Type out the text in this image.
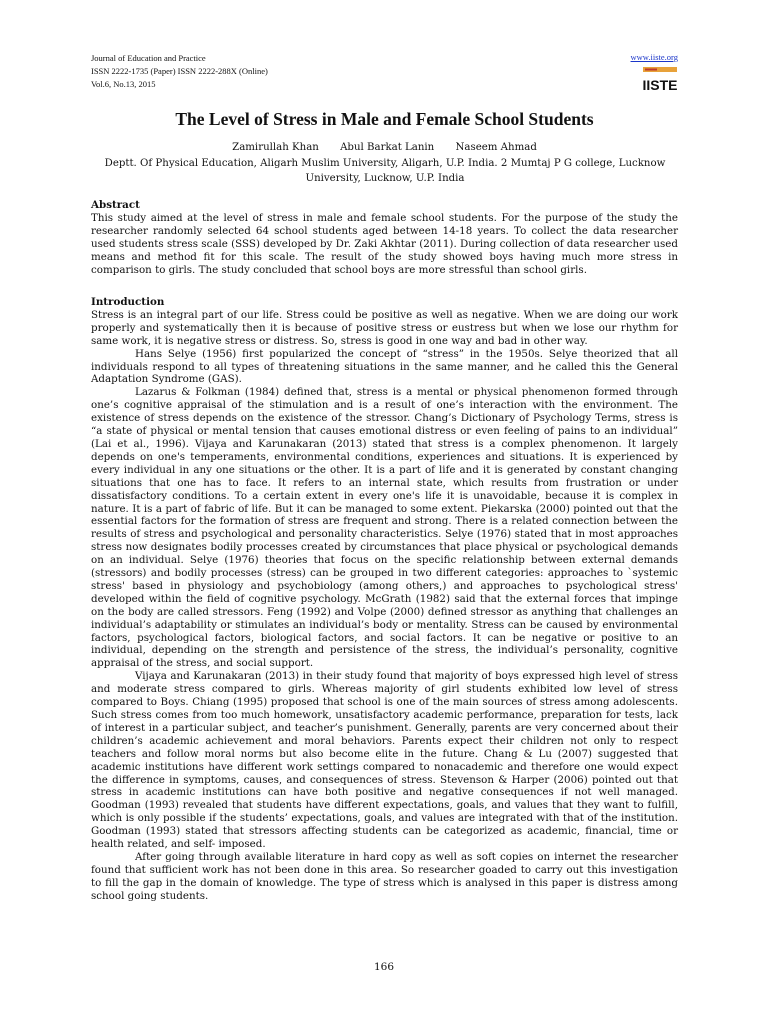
Journal of Education and Practice
ISSN 2222-1735 (Paper) ISSN 2222-288X (Online)
Vol.6, No.13, 2015
www.iiste.org
IISTE
The Level of Stress in Male and Female School Students
Zamirullah Khan Abul Barkat Lanin Naseem Ahmad
Deptt. Of Physical Education, Aligarh Muslim University, Aligarh, U.P. India. 2 Mumtaj P G college, Lucknow University, Lucknow, U.P. India

Abstract

This study aimed at the level of stress in male and female school students. For the purpose of the study the researcher randomly selected 64 school students aged between 14-18 years. To collect the data researcher used students stress scale (SSS) developed by Dr. Zaki Akhtar (2011). During collection of data researcher used means and method fit for this scale. The result of the study showed boys having much more stress in comparison to girls. The study concluded that school boys are more stressful than school girls.

Introduction

Stress is an integral part of our life. Stress could be positive as well as negative. When we are doing our work properly and systematically then it is because of positive stress or eustress but when we lose our rhythm for same work, it is negative stress or distress. So, stress is good in one way and bad in other way.

Hans Selye (1956) first popularized the concept of “stress” in the 1950s. Selye theorized that all individuals respond to all types of threatening situations in the same manner, and he called this the General Adaptation Syndrome (GAS).

Lazarus & Folkman (1984) defined that, stress is a mental or physical phenomenon formed through one’s cognitive appraisal of the stimulation and is a result of one’s interaction with the environment. The existence of stress depends on the existence of the stressor. Chang’s Dictionary of Psychology Terms, stress is “a state of physical or mental tension that causes emotional distress or even feeling of pains to an individual” (Lai et al., 1996). Vijaya and Karunakaran (2013) stated that stress is a complex phenomenon. It largely depends on one's temperaments, environmental conditions, experiences and situations. It is experienced by every individual in any one situations or the other. It is a part of life and it is generated by constant changing situations that one has to face. It refers to an internal state, which results from frustration or under dissatisfactory conditions. To a certain extent in every one's life it is unavoidable, because it is complex in nature. It is a part of fabric of life. But it can be managed to some extent. Piekarska (2000) pointed out that the essential factors for the formation of stress are frequent and strong. There is a related connection between the results of stress and psychological and personality characteristics. Selye (1976) stated that in most approaches stress now designates bodily processes created by circumstances that place physical or psychological demands on an individual. Selye (1976) theories that focus on the specific relationship between external demands (stressors) and bodily processes (stress) can be grouped in two different categories: approaches to `systemic stress' based in physiology and psychobiology (among others,) and approaches to psychological stress' developed within the field of cognitive psychology. McGrath (1982) said that the external forces that impinge on the body are called stressors. Feng (1992) and Volpe (2000) defined stressor as anything that challenges an individual’s adaptability or stimulates an individual’s body or mentality. Stress can be caused by environmental factors, psychological factors, biological factors, and social factors. It can be negative or positive to an individual, depending on the strength and persistence of the stress, the individual’s personality, cognitive appraisal of the stress, and social support.

Vijaya and Karunakaran (2013) in their study found that majority of boys expressed high level of stress and moderate stress compared to girls. Whereas majority of girl students exhibited low level of stress compared to Boys. Chiang (1995) proposed that school is one of the main sources of stress among adolescents. Such stress comes from too much homework, unsatisfactory academic performance, preparation for tests, lack of interest in a particular subject, and teacher’s punishment. Generally, parents are very concerned about their children’s academic achievement and moral behaviors. Parents expect their children not only to respect teachers and follow moral norms but also become elite in the future. Chang & Lu (2007) suggested that academic institutions have different work settings compared to nonacademic and therefore one would expect the difference in symptoms, causes, and consequences of stress. Stevenson & Harper (2006) pointed out that stress in academic institutions can have both positive and negative consequences if not well managed. Goodman (1993) revealed that students have different expectations, goals, and values that they want to fulfill, which is only possible if the students’ expectations, goals, and values are integrated with that of the institution. Goodman (1993) stated that stressors affecting students can be categorized as academic, financial, time or health related, and self- imposed.

After going through available literature in hard copy as well as soft copies on internet the researcher found that sufficient work has not been done in this area. So researcher goaded to carry out this investigation to fill the gap in the domain of knowledge. The type of stress which is analysed in this paper is distress among school going students.

166
